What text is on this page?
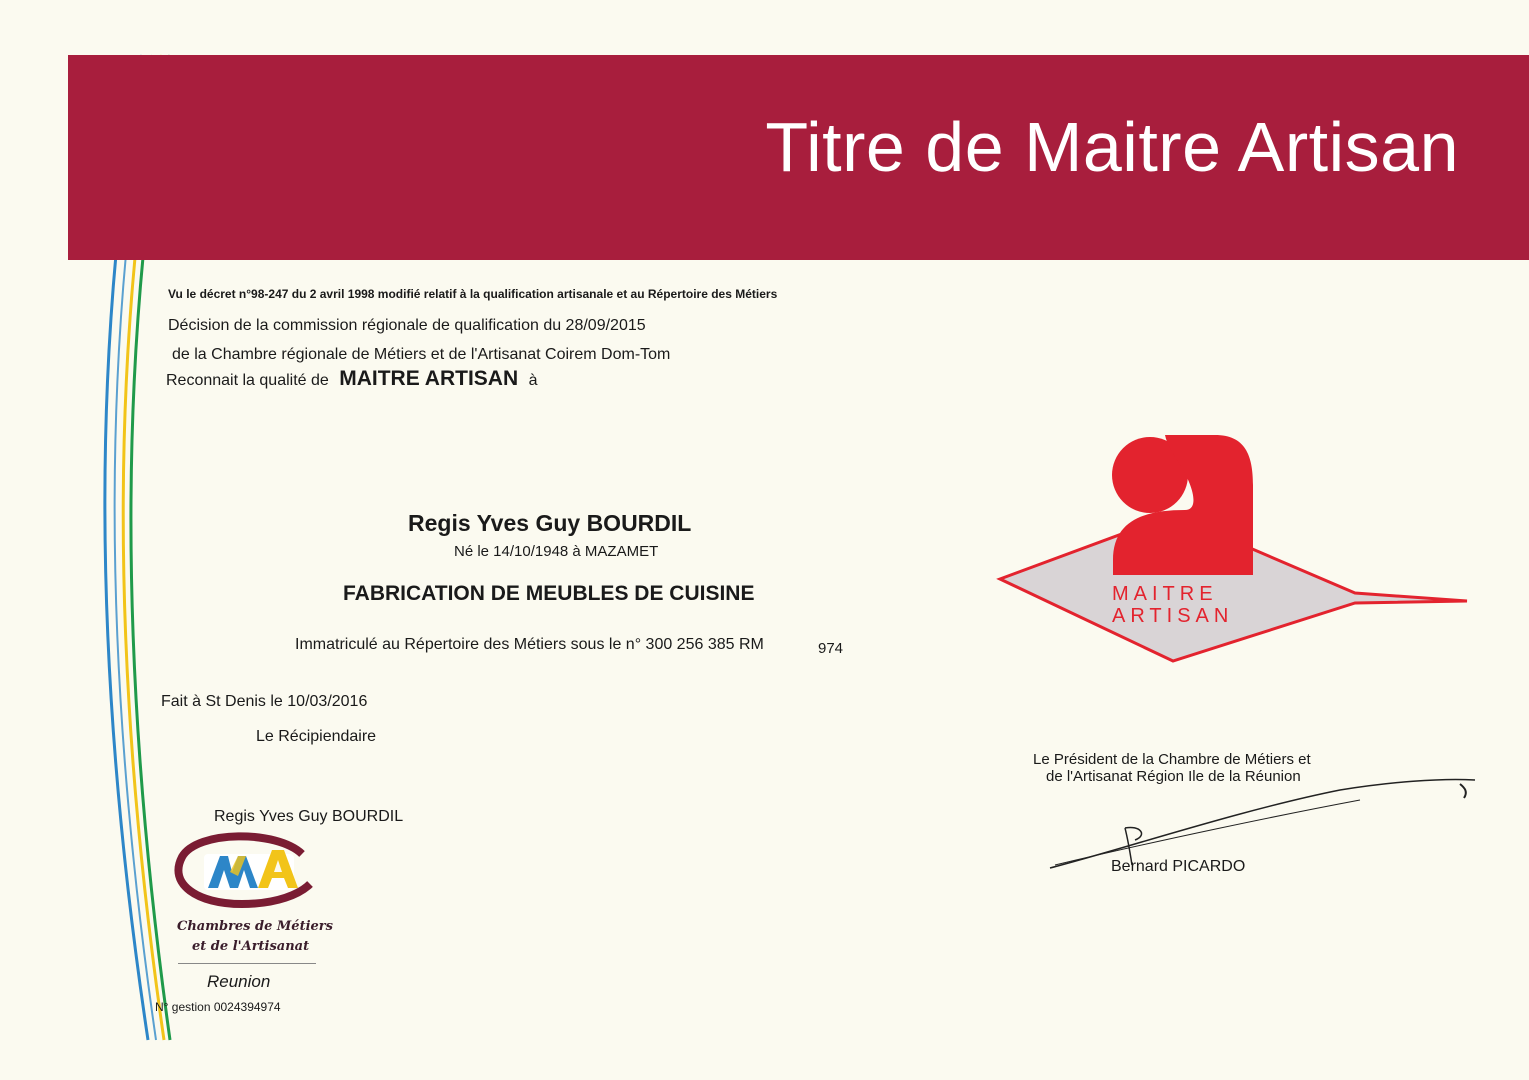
Titre de Maitre Artisan
Vu le décret n°98-247 du 2 avril 1998 modifié relatif à la qualification artisanale et au Répertoire des Métiers
Décision de la commission régionale de qualification du 28/09/2015
de la Chambre régionale de Métiers et de l'Artisanat Coirem Dom-Tom
Reconnait la qualité de MAITRE ARTISAN à
Regis Yves Guy BOURDIL
Né le 14/10/1948 à MAZAMET
FABRICATION DE MEUBLES DE CUISINE
Immatriculé au Répertoire des Métiers sous le n° 300 256 385 RM	974
Fait à St Denis le 10/03/2016
Le Récipiendaire
Regis Yves Guy BOURDIL
Chambres de Métiers
et de l'Artisanat
Reunion
N° gestion 0024394974
MAITRE
ARTISAN
Le Président de la Chambre de Métiers et
de l'Artisanat Région Ile de la Réunion
Bernard PICARDO
